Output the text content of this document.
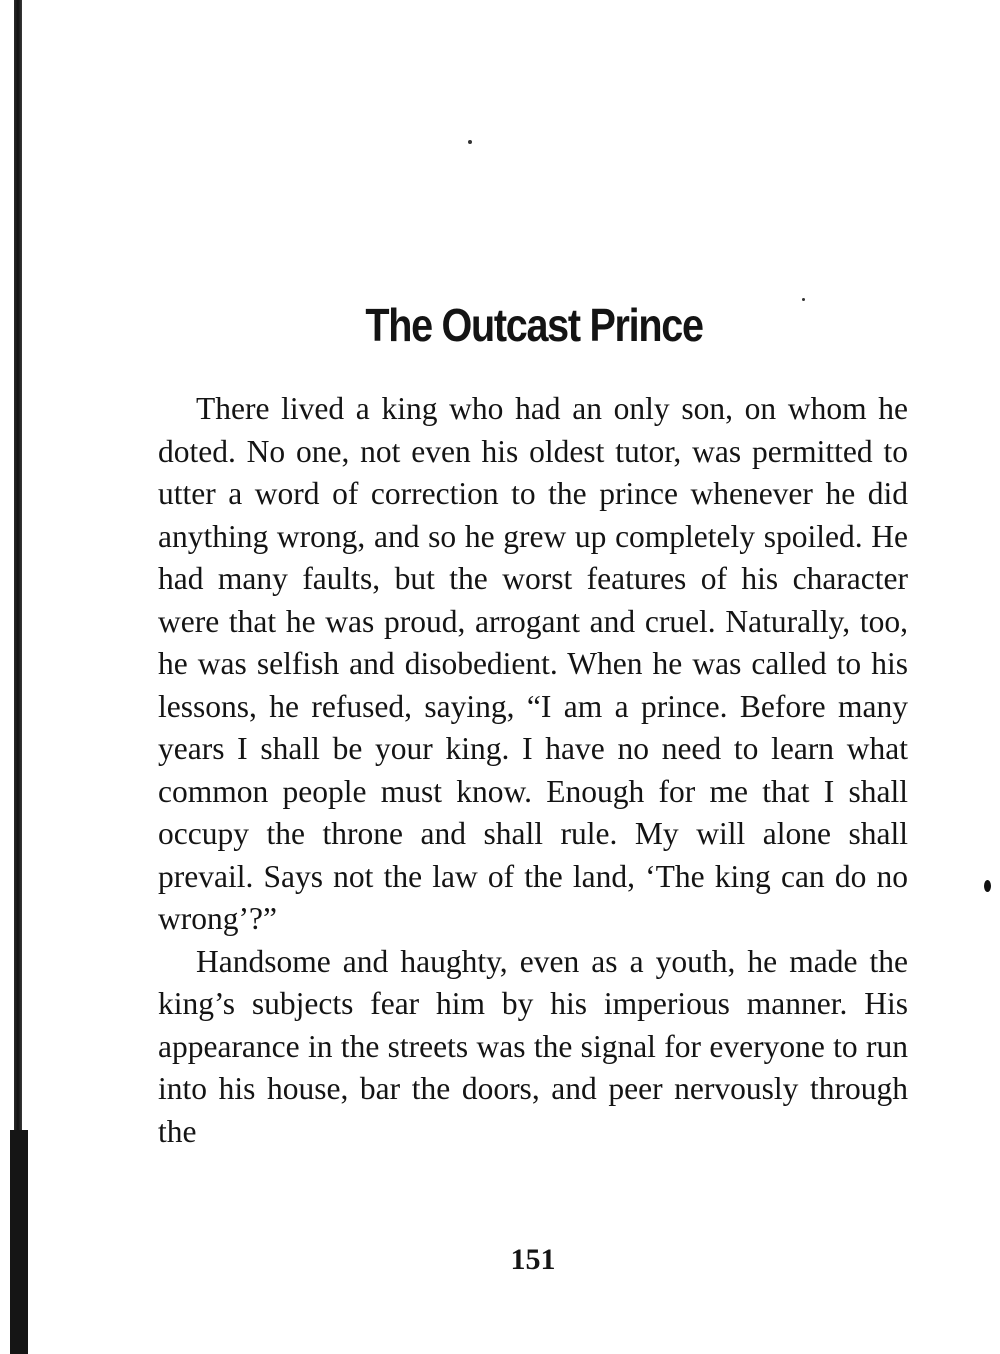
The Outcast Prince

There lived a king who had an only son, on whom he doted. No one, not even his oldest tutor, was permitted to utter a word of correction to the prince whenever he did anything wrong, and so he grew up completely spoiled. He had many faults, but the worst features of his character were that he was proud, arrogant and cruel. Naturally, too, he was selfish and disobedient. When he was called to his lessons, he refused, saying, “I am a prince. Before many years I shall be your king. I have no need to learn what common people must know. Enough for me that I shall occupy the throne and shall rule. My will alone shall prevail. Says not the law of the land, ‘The king can do no wrong’?”

Handsome and haughty, even as a youth, he made the king’s subjects fear him by his imperious manner. His appearance in the streets was the signal for everyone to run into his house, bar the doors, and peer nervously through the

151
